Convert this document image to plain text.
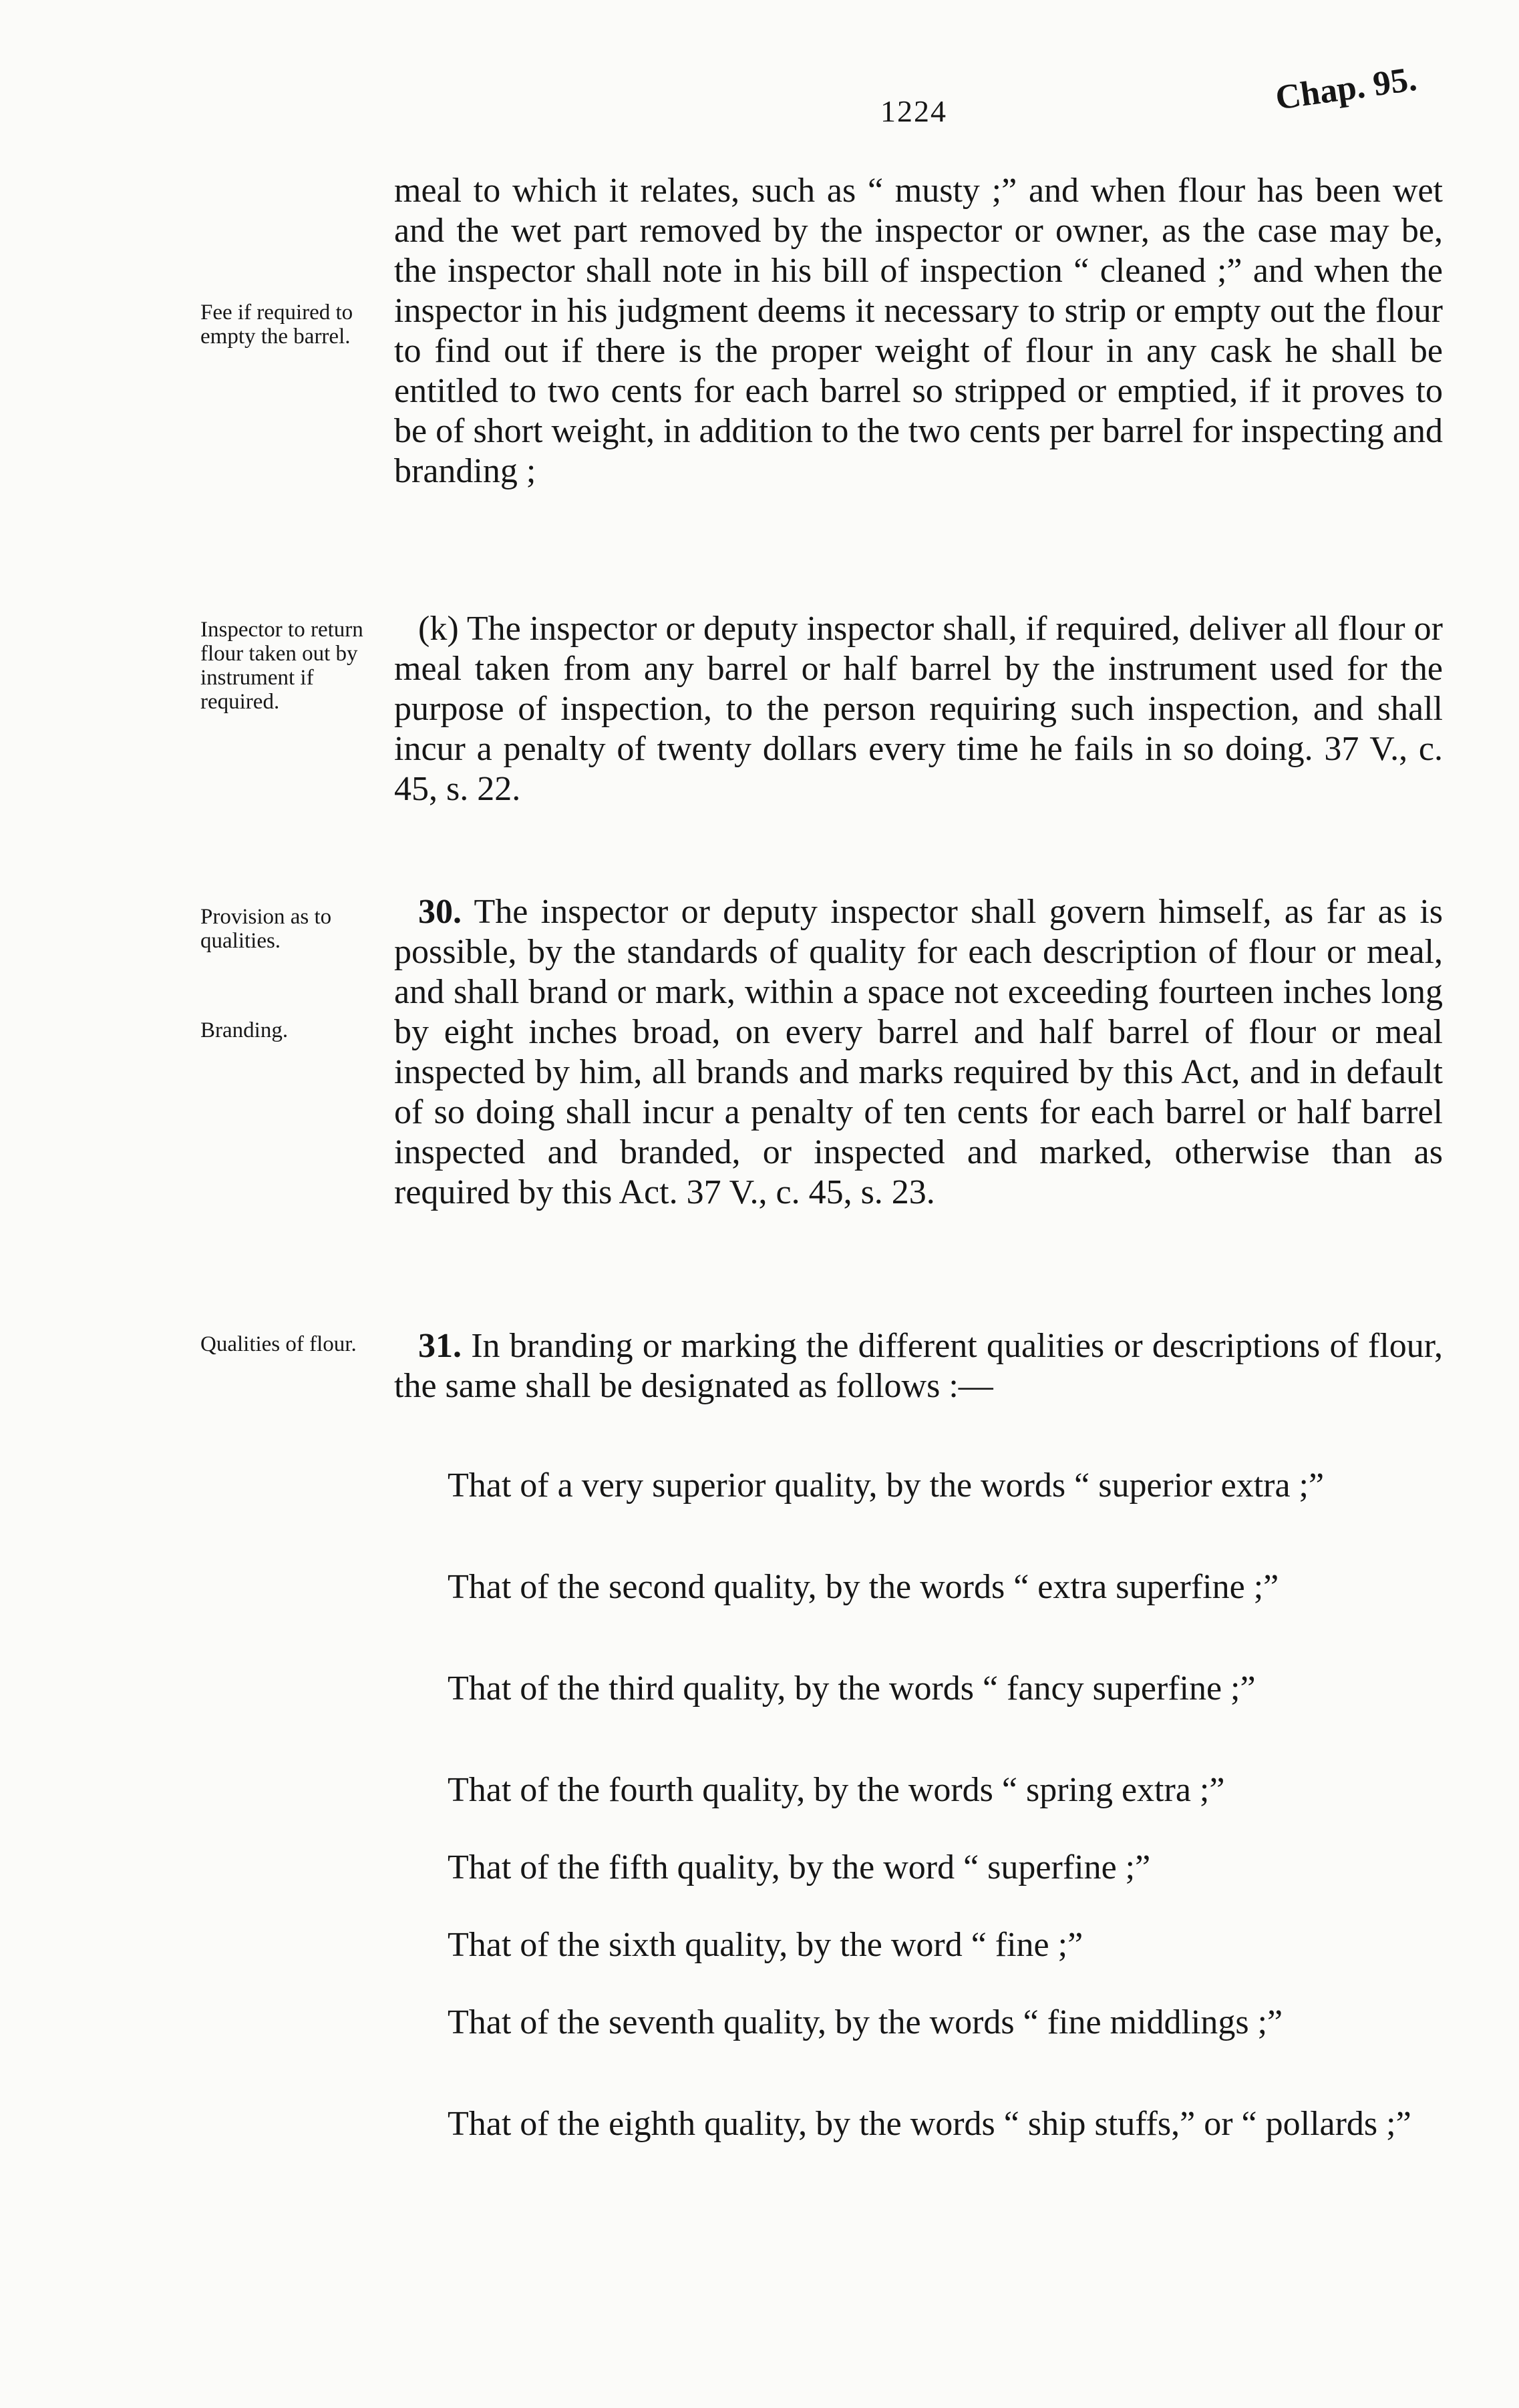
1224	Chap. 95.
Fee if required to empty the barrel.
Inspector to return flour taken out by instrument if required.
Provision as to qualities.
Branding.
Qualities of flour.

meal to which it relates, such as “ musty ;” and when flour has been wet and the wet part removed by the inspector or owner, as the case may be, the inspector shall note in his bill of inspection “ cleaned ;” and when the inspector in his judgment deems it necessary to strip or empty out the flour to find out if there is the proper weight of flour in any cask he shall be entitled to two cents for each barrel so stripped or emptied, if it proves to be of short weight, in addition to the two cents per barrel for inspecting and branding ;

(k) The inspector or deputy inspector shall, if required, deliver all flour or meal taken from any barrel or half barrel by the instrument used for the purpose of inspection, to the person requiring such inspection, and shall incur a penalty of twenty dollars every time he fails in so doing. 37 V., c. 45, s. 22.

30. The inspector or deputy inspector shall govern himself, as far as is possible, by the standards of quality for each description of flour or meal, and shall brand or mark, within a space not exceeding fourteen inches long by eight inches broad, on every barrel and half barrel of flour or meal inspected by him, all brands and marks required by this Act, and in default of so doing shall incur a penalty of ten cents for each barrel or half barrel inspected and branded, or inspected and marked, otherwise than as required by this Act. 37 V., c. 45, s. 23.

31. In branding or marking the different qualities or descriptions of flour, the same shall be designated as follows :—

That of a very superior quality, by the words “ superior extra ;”

That of the second quality, by the words “ extra superfine ;”

That of the third quality, by the words “ fancy superfine ;”

That of the fourth quality, by the words “ spring extra ;”

That of the fifth quality, by the word “ superfine ;”

That of the sixth quality, by the word “ fine ;”

That of the seventh quality, by the words “ fine middlings ;”

That of the eighth quality, by the words “ ship stuffs,” or “ pollards ;”
